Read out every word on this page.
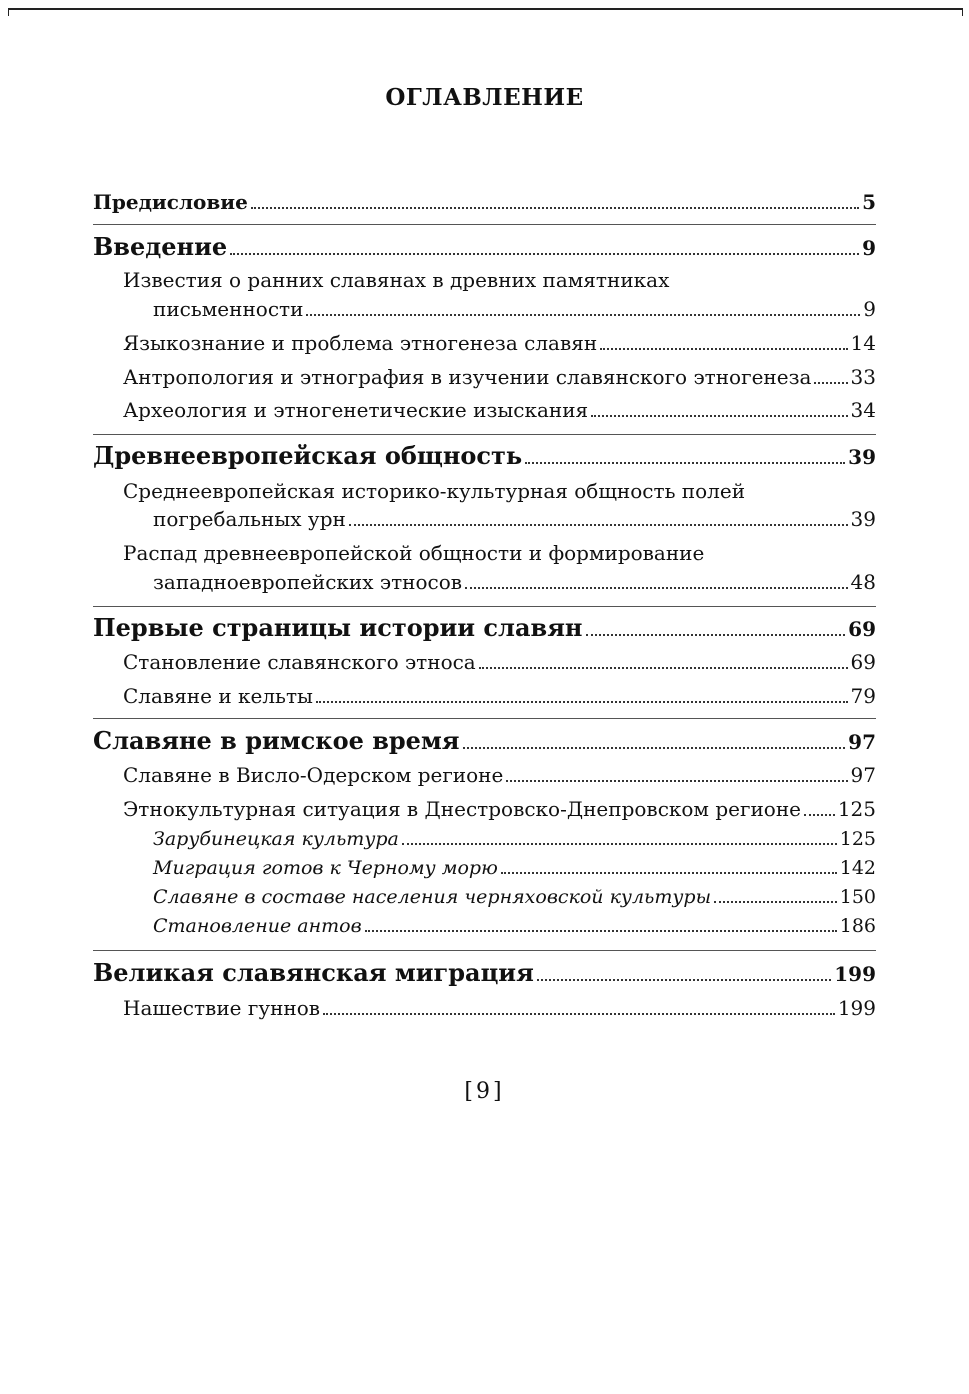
ОГЛАВЛЕНИЕ
Предисловие	5
Введение	9
Известия о ранних славянах в древних памятниках
письменности	9
Языкознание и проблема этногенеза славян	14
Антропология и этнография в изучении славянского этногенеза 33
Археология и этногенетические изыскания	34
Древнеевропейская общность	39
Среднеевропейская историко-культурная общность полей
погребальных урн	39
Распад древнеевропейской общности и формирование
западноевропейских этносов	48
Первые страницы истории славян	69
Становление славянского этноса	69
Славяне и кельты	79
Славяне в римское время	97
Славяне в Висло-Одерском регионе	97
Этнокультурная ситуация в Днестровско-Днепровском регионе 125
Зарубинецкая культура	125
Миграция готов к Черному морю	142
Славяне в составе населения черняховской культуры	150
Становление антов	186
Великая славянская миграция	199
Нашествие гуннов	199
[9]
